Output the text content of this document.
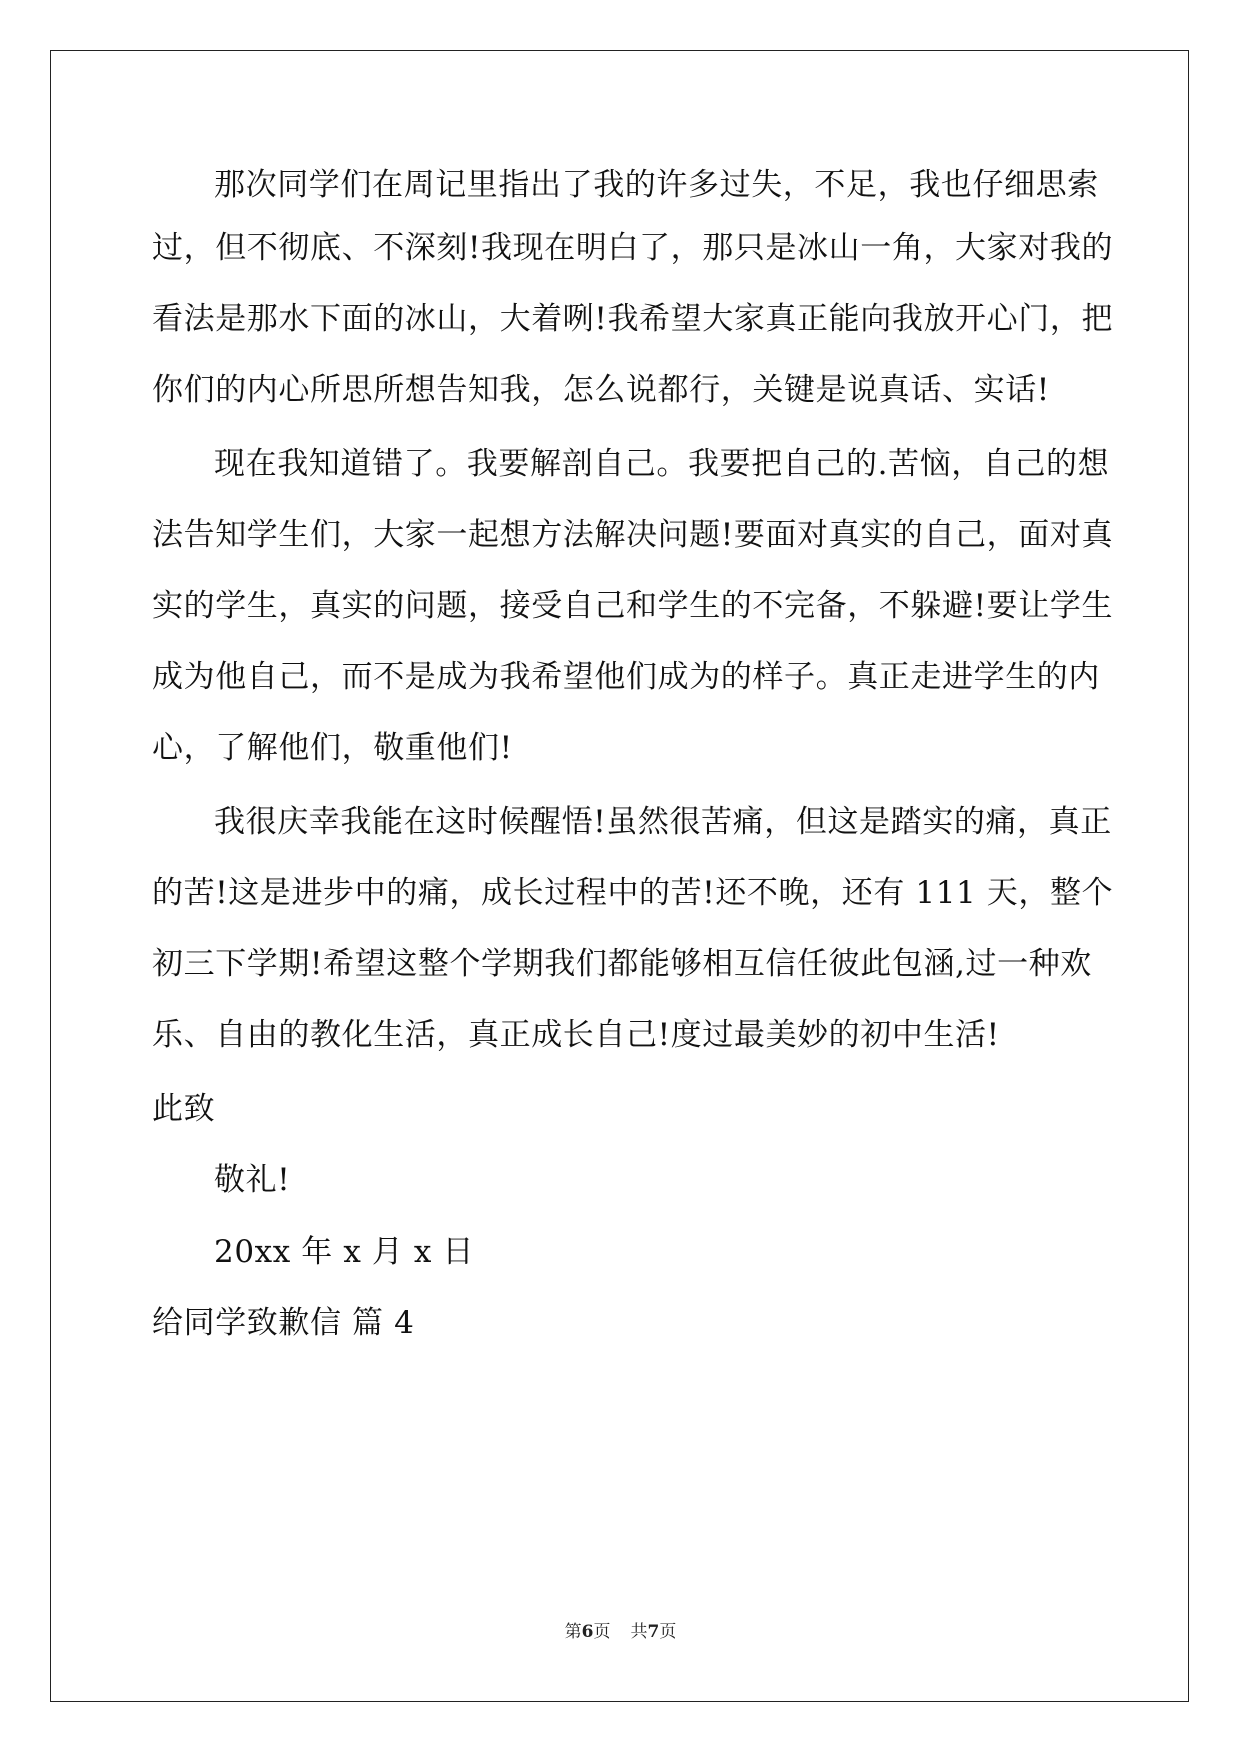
那次同学们在周记里指出了我的许多过失，不足，我也仔细思索
过，但不彻底、不深刻!我现在明白了，那只是冰山一角，大家对我的
看法是那水下面的冰山，大着咧!我希望大家真正能向我放开心门，把
你们的内心所思所想告知我，怎么说都行，关键是说真话、实话!
现在我知道错了。我要解剖自己。我要把自己的.苦恼，自己的想
法告知学生们，大家一起想方法解决问题!要面对真实的自己，面对真
实的学生，真实的问题，接受自己和学生的不完备，不躲避!要让学生
成为他自己，而不是成为我希望他们成为的样子。真正走进学生的内
心，了解他们，敬重他们!
我很庆幸我能在这时候醒悟!虽然很苦痛，但这是踏实的痛，真正
的苦!这是进步中的痛，成长过程中的苦!还不晚，还有 111 天，整个
初三下学期!希望这整个学期我们都能够相互信任彼此包涵,过一种欢
乐、自由的教化生活，真正成长自己!度过最美妙的初中生活!
此致
敬礼!
20xx 年 x 月 x 日
给同学致歉信 篇 4
第6页 共7页
